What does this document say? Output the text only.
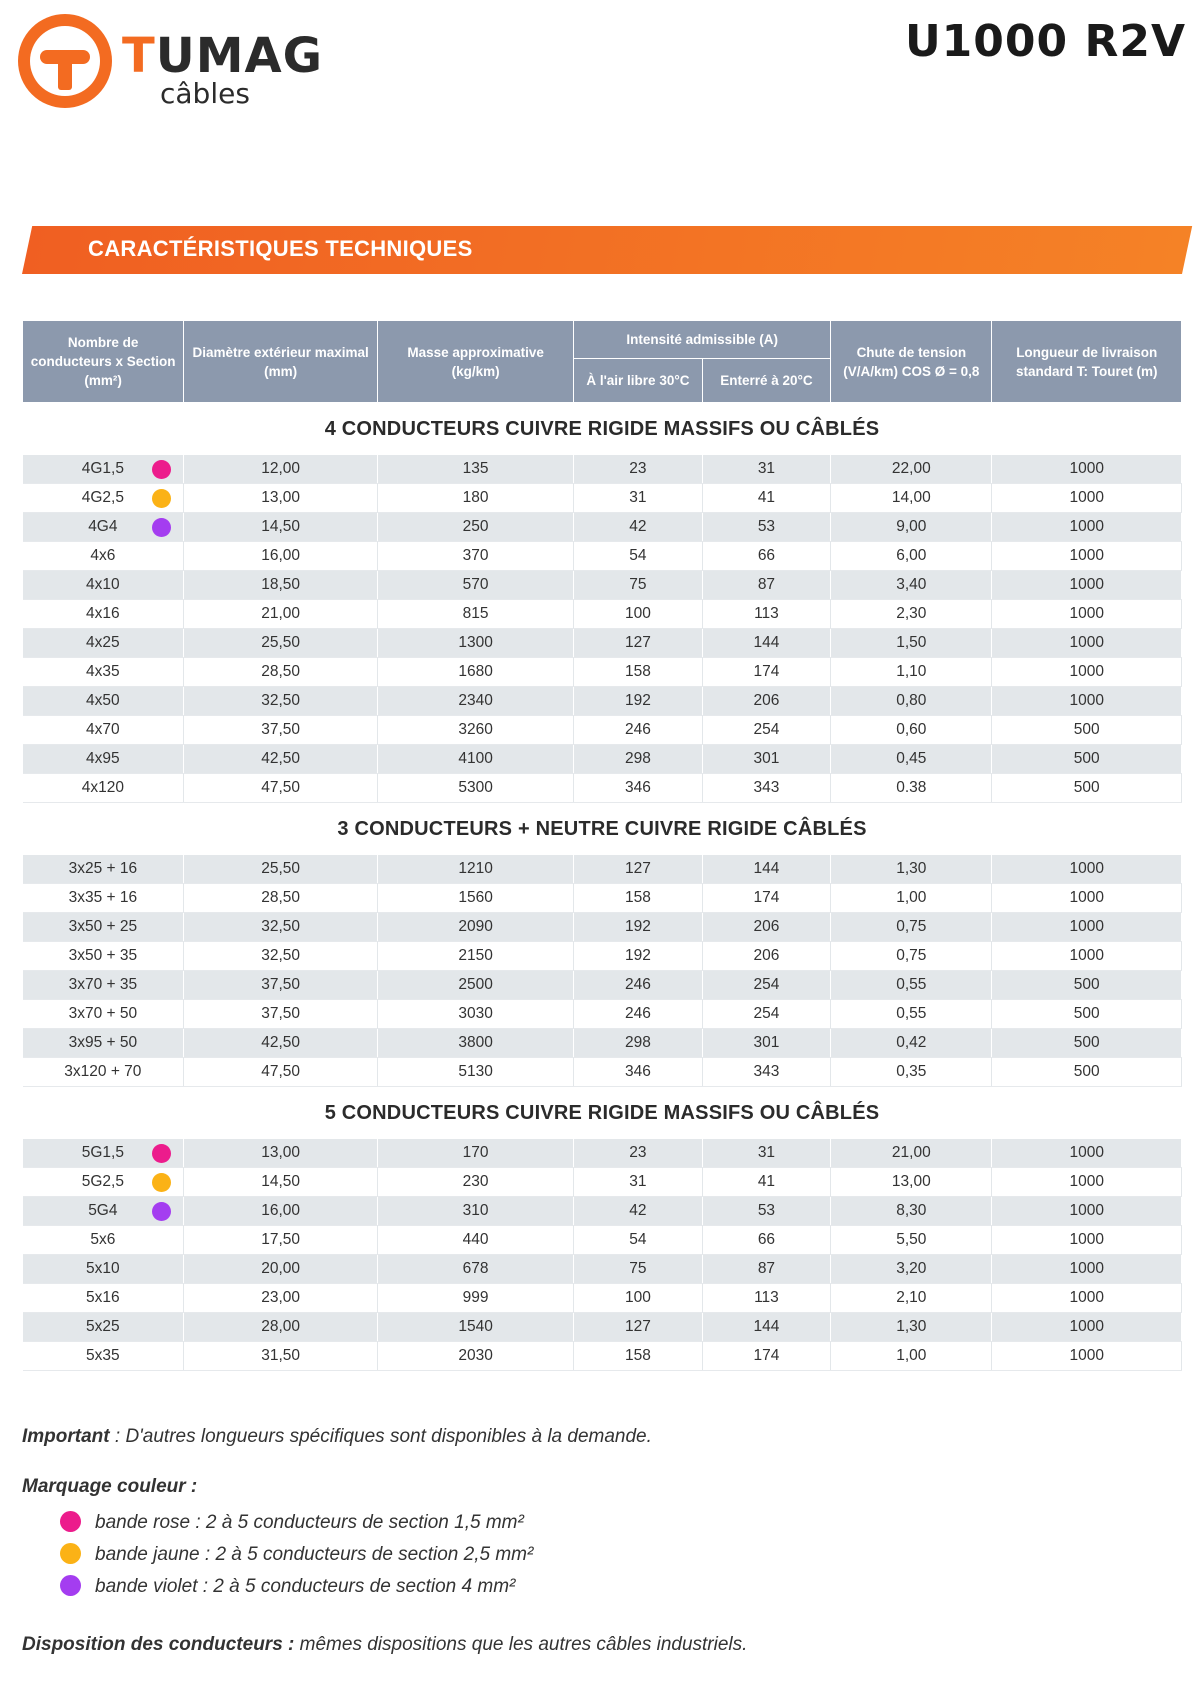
TUMAG
câbles
U1000 R2V
CARACTÉRISTIQUES TECHNIQUES
Nombre de conducteurs x Section (mm²)	Diamètre extérieur maximal (mm)	Masse approximative (kg/km)	Intensité admissible (A)		Chute de tension (V/A/km) COS Ø = 0,8	Longueur de livraison standard T: Touret (m)
			À l'air libre 30°C	Enterré à 20°C		
4 CONDUCTEURS CUIVRE RIGIDE MASSIFS OU CÂBLÉS						
4G1,5	12,00	135	23	31	22,00	1000
4G2,5	13,00	180	31	41	14,00	1000
4G4	14,50	250	42	53	9,00	1000
4x6	16,00	370	54	66	6,00	1000
4x10	18,50	570	75	87	3,40	1000
4x16	21,00	815	100	113	2,30	1000
4x25	25,50	1300	127	144	1,50	1000
4x35	28,50	1680	158	174	1,10	1000
4x50	32,50	2340	192	206	0,80	1000
4x70	37,50	3260	246	254	0,60	500
4x95	42,50	4100	298	301	0,45	500
4x120	47,50	5300	346	343	0.38	500
3 CONDUCTEURS + NEUTRE CUIVRE RIGIDE CÂBLÉS						
3x25 + 16	25,50	1210	127	144	1,30	1000
3x35 + 16	28,50	1560	158	174	1,00	1000
3x50 + 25	32,50	2090	192	206	0,75	1000
3x50 + 35	32,50	2150	192	206	0,75	1000
3x70 + 35	37,50	2500	246	254	0,55	500
3x70 + 50	37,50	3030	246	254	0,55	500
3x95 + 50	42,50	3800	298	301	0,42	500
3x120 + 70	47,50	5130	346	343	0,35	500
5 CONDUCTEURS CUIVRE RIGIDE MASSIFS OU CÂBLÉS						
5G1,5	13,00	170	23	31	21,00	1000
5G2,5	14,50	230	31	41	13,00	1000
5G4	16,00	310	42	53	8,30	1000
5x6	17,50	440	54	66	5,50	1000
5x10	20,00	678	75	87	3,20	1000
5x16	23,00	999	100	113	2,10	1000
5x25	28,00	1540	127	144	1,30	1000
5x35	31,50	2030	158	174	1,00	1000
Important : D'autres longueurs spécifiques sont disponibles à la demande.
Marquage couleur :
bande rose : 2 à 5 conducteurs de section 1,5 mm²
bande jaune : 2 à 5 conducteurs de section 2,5 mm²
bande violet : 2 à 5 conducteurs de section 4 mm²
Disposition des conducteurs : mêmes dispositions que les autres câbles industriels.
